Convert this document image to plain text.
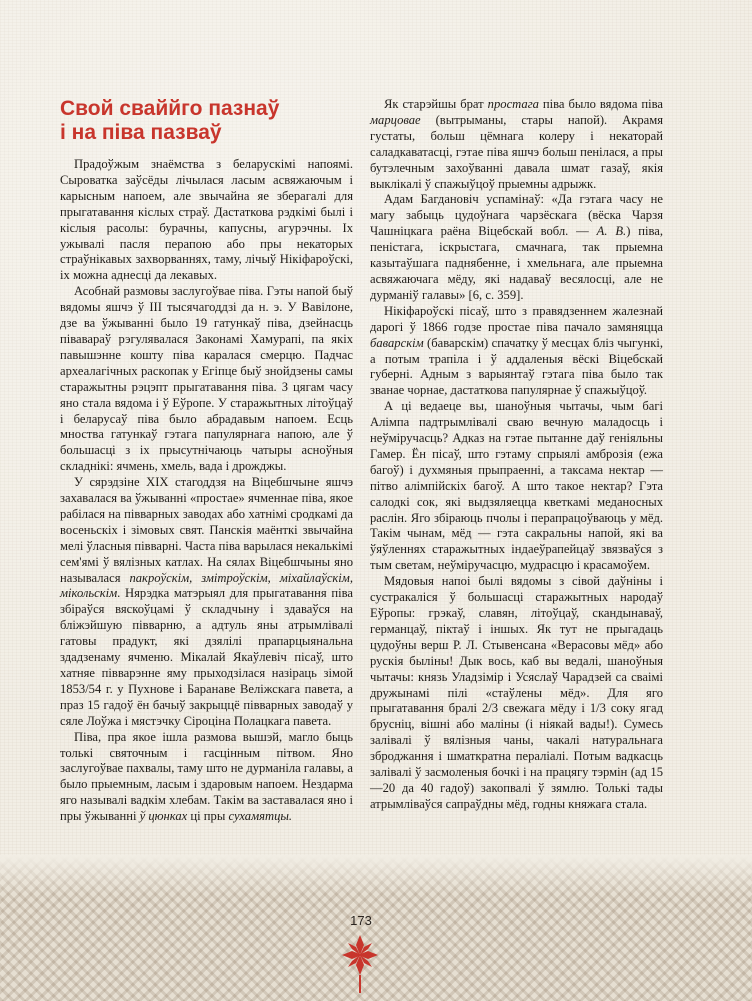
Свой сваййго пазнаў
і на піва пазваў

Прадоўжым знаёмства з беларускімі напоямі. Сыроватка заўсёды лічылася ласым асвяжаючым і карысным напоем, але звычайна яе зберагалі для прыгатавання кіслых страў. Дастаткова рэдкімі былі і кіслыя расолы: бурачны, капусны, агурэчны. Іх ужывалі пасля перапою або пры некаторых страўнікавых захворваннях, таму, лічыў Нікіфароўскі, іх можна аднесці да лекавых.

Асобнай размовы заслугоўвае піва. Гэты напой быў вядомы яшчэ ў III тысячагоддзі да н. э. У Вавілоне, дзе ва ўжыванні было 19 гатункаў піва, дзейнасць півавараў рэгулявалася Законамі Хамурапі, па якіх павышэнне кошту піва каралася смерцю. Падчас археалагічных раскопак у Егіпце быў знойдзены самы старажытны рэцэпт прыгатавання піва. З цягам часу яно стала вядома і ў Еўропе. У старажытных літоўцаў і беларусаў піва было абрадавым напоем. Есць мноства гатункаў гэтага папулярнага напою, але ў большасці з іх прысутнічаюць чатыры асноўныя складнікі: ячмень, хмель, вада і дрожджы.

У сярэдзіне XIX стагоддзя на Віцебшчыне яшчэ захавалася ва ўжыванні «простае» ячменнае піва, якое рабілася на півварных заводах або хатнімі сродкамі да восеньскіх і зімовых свят. Панскія маёнткі звычайна мелі ўласныя півварні. Часта піва варылася некалькімі сем'ямі ў вялізных катлах. На сялах Віцебшчыны яно называлася пакроўскім, змітроўскім, міхайлаўскім, мікольскім. Нярэдка матэрыял для прыгатавання піва збіраўся вяскоўцамі ў складчыну і здаваўся на бліжэйшую півварню, а адтуль яны атрымлівалі гатовы прадукт, які дзялілі прапарцыянальна здадзенаму ячменю. Мікалай Якаўлевіч пісаў, што хатняе півварэнне яму прыходзілася назіраць зімой 1853/54 г. у Пухнове і Баранаве Веліжскага павета, а праз 15 гадоў ён бачыў закрыццё півварных заводаў у сяле Лоўжа і мястэчку Сіроціна Полацкага павета.

Піва, пра якое ішла размова вышэй, магло быць толькі святочным і гасцінным пітвом. Яно заслугоўвае пахвалы, таму што не дурманіла галавы, а было прыемным, ласым і здаровым напоем. Нездарма яго называлі вадкім хлебам. Такім ва заставалася яно і пры ўжыванні ў цюнках ці пры сухамятцы.

Як старэйшы брат простага піва было вядома піва марцовае (вытрыманы, стары напой). Акрамя густаты, больш цёмнага колеру і некаторай саладкаватасці, гэтае піва яшчэ больш пенілася, а пры бутэлечным захоўванні давала шмат газаў, якія выклікалі ў спажыўцоў прыемны адрыжк.

Адам Багдановіч успамінаў: «Да гэтага часу не магу забыць цудоўнага чарзёскага (вёска Чарзя Чашніцкага раёна Віцебскай вобл. — А. В.) піва, пеністага, іскрыстага, смачнага, так прыемна казытаўшага паднябенне, і хмельнага, але прыемна асвяжаючага мёду, які надаваў весялосці, але не дурманіў галавы» [6, с. 359].

Нікіфароўскі пісаў, што з правядзеннем жалезнай дарогі ў 1866 годзе простае піва пачало замяняцца баварскім (баварскім) спачатку ў месцах бліз чыгункі, а потым трапіла і ў аддаленыя вёскі Віцебскай губерні. Адным з варыянтаў гэтага піва было так званае чорнае, дастаткова папулярнае ў спажыўцоў.

А ці ведаеце вы, шаноўныя чытачы, чым багі Алімпа падтрымлівалі сваю вечную маладосць і неўміручасць? Адказ на гэтае пытанне даў геніяльны Гамер. Ён пісаў, што гэтаму спрыялі амброзія (ежа багоў) і духмяныя прыпраенні, а таксама нектар — пітво алімпійскіх багоў. А што такое нектар? Гэта салодкі сок, які выдзяляецца кветкамі меданосных раслін. Яго збіраюць пчолы і перапрацоўваюць у мёд. Такім чынам, мёд — гэта сакральны напой, які ва ўяўленнях старажытных індаеўрапейцаў звязваўся з тым светам, неўміручасцю, мудрасцю і красамоўем.

Мядовыя напоі былі вядомы з сівой даўніны і сустракаліся ў большасці старажытных народаў Еўропы: грэкаў, славян, літоўцаў, скандынаваў, германцаў, піктаў і іншых. Як тут не прыгадаць цудоўны верш Р. Л. Стывенсана «Верасовы мёд» або рускія быліны! Дык вось, каб вы ведалі, шаноўныя чытачы: князь Уладзімір і Усяслаў Чарадзей са сваімі дружынамі пілі «стаўлены мёд». Для яго прыгатавання бралі 2/3 свежага мёду і 1/3 соку ягад брусніц, вішні або маліны (і ніякай вады!). Сумесь залівалі ў вялізныя чаны, чакалі натуральнага зброджання і шматкратна пераліалі. Потым вадкасць залівалі ў засмоленыя бочкі і на працягу тэрмін (ад 15—20 да 40 гадоў) закопвалі ў зямлю. Толькі тады атрымліваўся сапраўдны мёд, годны княжага стала.

173
